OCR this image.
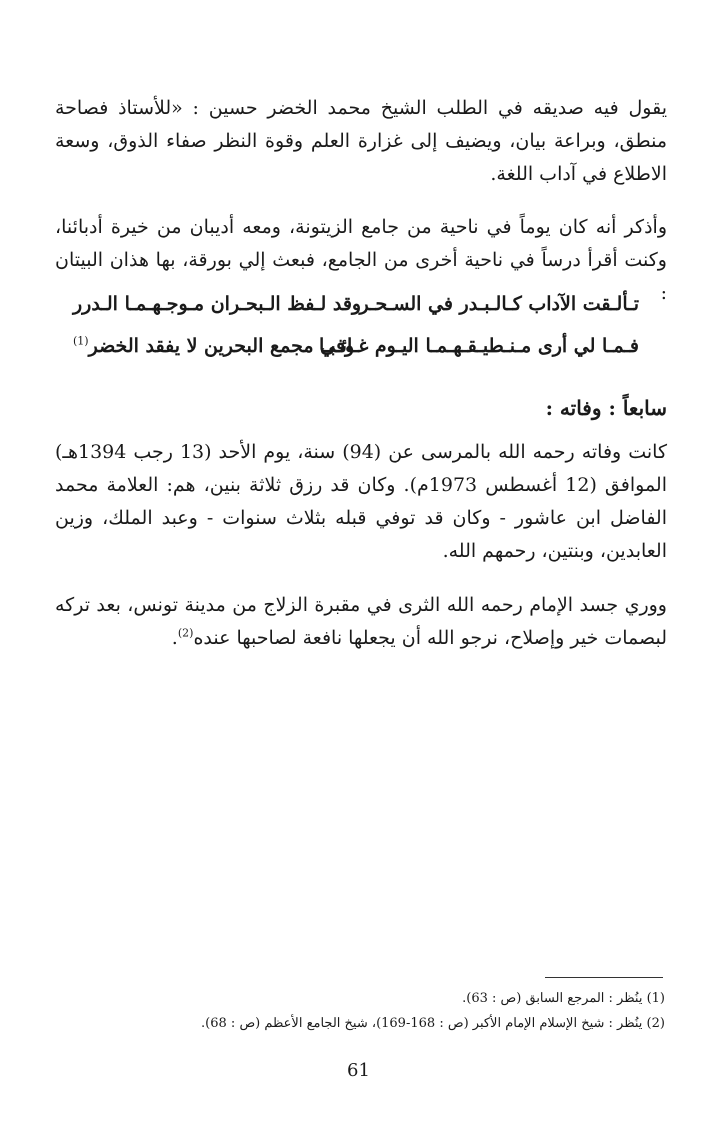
يقول فيه صديقه في الطلب الشيخ محمد الخضر حسين : «للأستاذ فصاحة منطق، وبراعة بيان، ويضيف إلى غزارة العلم وقوة النظر صفاء الذوق، وسعة الاطلاع في آداب اللغة.

وأذكر أنه كان يوماً في ناحية من جامع الزيتونة، ومعه أديبان من خيرة أدبائنا، وكنت أقرأ درساً في ناحية أخرى من الجامع، فبعث إلي بورقة، بها هذان البيتان :

تـألـقت الآداب كـالـبـدر في السـحـر
وقد لـفظ الـبحـران مـوجـهـمـا الـدرر
فـمـا لي أرى مـنـطيـقـهـمـا اليـوم غـائـبـا
وفي مجمع البحرين لا يفقد الخضر$^{(1)}$
سابعاً : وفاته :

كانت وفاته رحمه الله بالمرسى عن (94) سنة، يوم الأحد (13 رجب 1394هـ) الموافق (12 أغسطس 1973م). وكان قد رزق ثلاثة بنين، هم: العلامة محمد الفاضل ابن عاشور - وكان قد توفي قبله بثلاث سنوات - وعبد الملك، وزين العابدين، وبنتين، رحمهم الله.

ووري جسد الإمام رحمه الله الثرى في مقبرة الزلاج من مدينة تونس، بعد تركه لبصمات خير وإصلاح، نرجو الله أن يجعلها نافعة لصاحبها عنده$^{(2)}$.

(1) ينُظر : المرجع السابق (ص : 63).
(2) ينُظر : شيخ الإسلام الإمام الأكبر (ص : 168-169)، شيخ الجامع الأعظم (ص : 68).
61
